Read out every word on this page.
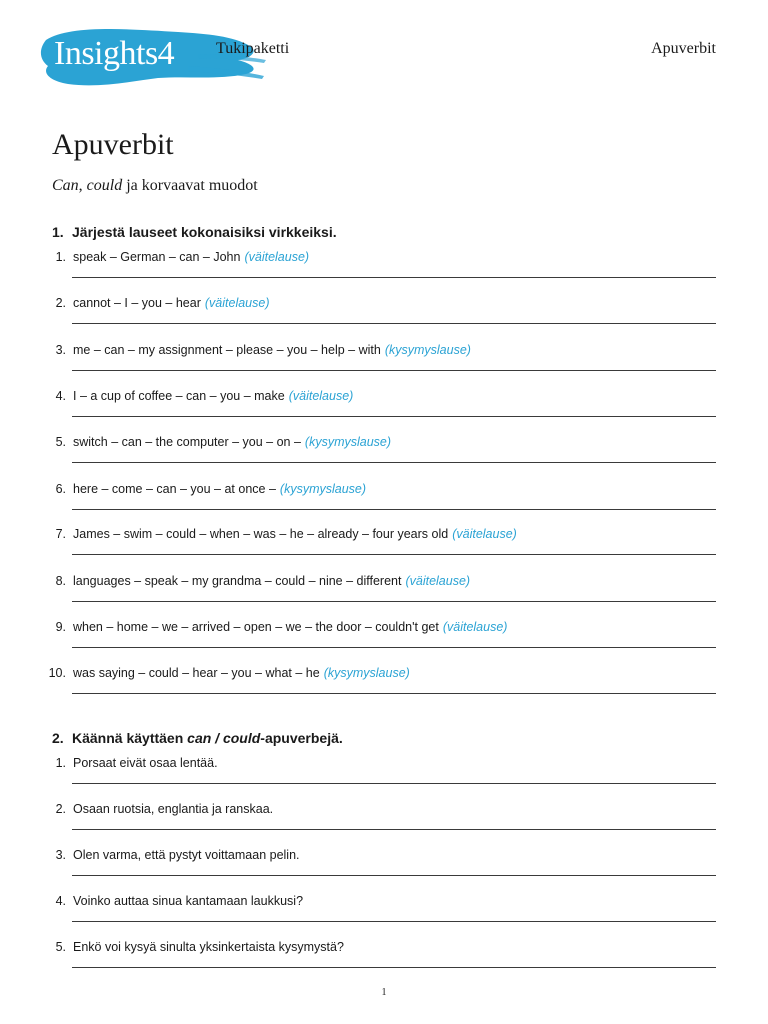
Insights4	Tukipaketti	Apuverbit
Apuverbit

Can, could ja korvaavat muodot

1. Järjestä lauseet kokonaisiksi virkkeiksi.
1. speak – German – can – John (väitelause)
2. cannot – I – you – hear (väitelause)
3. me – can – my assignment – please – you – help – with (kysymyslause)
4. I – a cup of coffee – can – you – make (väitelause)
5. switch – can – the computer – you – on – (kysymyslause)
6. here – come – can – you – at once – (kysymyslause)
7. James – swim – could – when – was – he – already – four years old (väitelause)
8. languages – speak – my grandma – could – nine – different (väitelause)
9. when – home – we – arrived – open – we – the door – couldn't get (väitelause)
10. was saying – could – hear – you – what – he (kysymyslause)
2. Käännä käyttäen can / could-apuverbejä.
1. Porsaat eivät osaa lentää.
2. Osaan ruotsia, englantia ja ranskaa.
3. Olen varma, että pystyt voittamaan pelin.
4. Voinko auttaa sinua kantamaan laukkusi?
5. Enkö voi kysyä sinulta yksinkertaista kysymystä?
1
